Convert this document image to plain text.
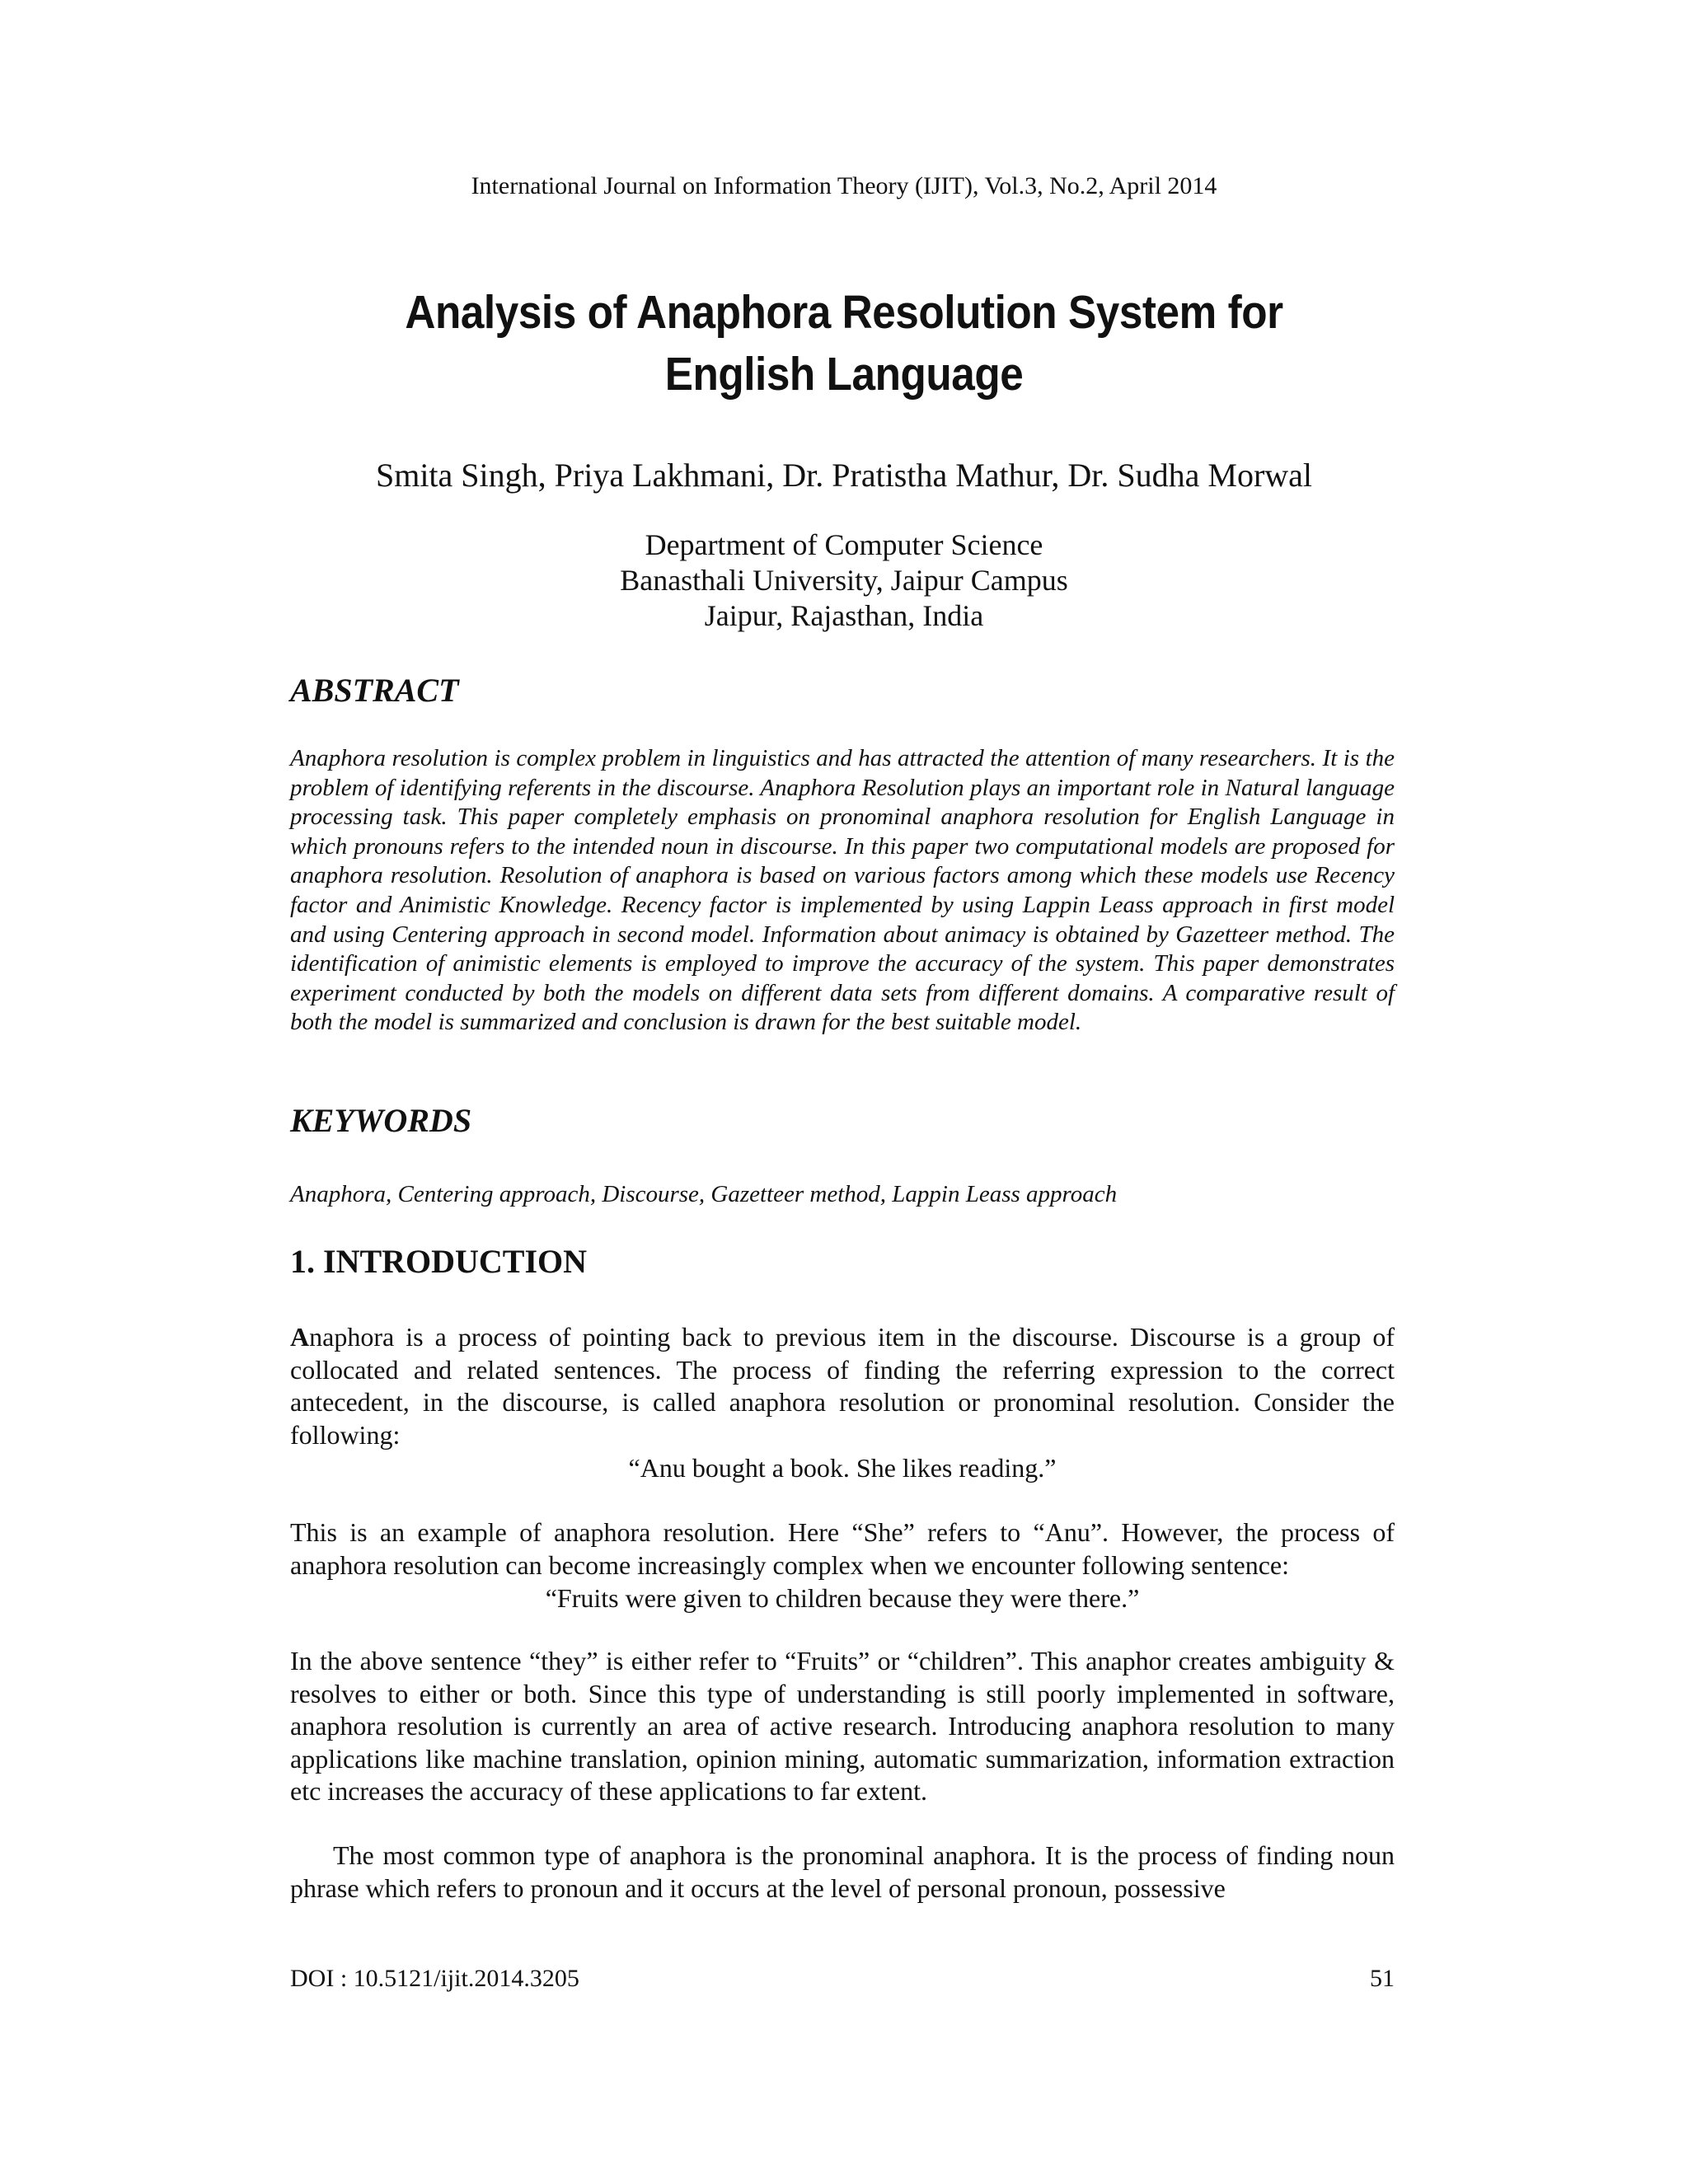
International Journal on Information Theory (IJIT), Vol.3, No.2, April 2014
Analysis of Anaphora Resolution System for
English Language
Smita Singh, Priya Lakhmani, Dr. Pratistha Mathur, Dr. Sudha Morwal
Department of Computer Science
Banasthali University, Jaipur Campus
Jaipur, Rajasthan, India
ABSTRACT
Anaphora resolution is complex problem in linguistics and has attracted the attention of many researchers. It is the problem of identifying referents in the discourse. Anaphora Resolution plays an important role in Natural language processing task. This paper completely emphasis on pronominal anaphora resolution for English Language in which pronouns refers to the intended noun in discourse. In this paper two computational models are proposed for anaphora resolution. Resolution of anaphora is based on various factors among which these models use Recency factor and Animistic Knowledge. Recency factor is implemented by using Lappin Leass approach in first model and using Centering approach in second model. Information about animacy is obtained by Gazetteer method. The identification of animistic elements is employed to improve the accuracy of the system. This paper demonstrates experiment conducted by both the models on different data sets from different domains. A comparative result of both the model is summarized and conclusion is drawn for the best suitable model.
KEYWORDS
Anaphora, Centering approach, Discourse, Gazetteer method, Lappin Leass approach
1. INTRODUCTION

Anaphora is a process of pointing back to previous item in the discourse. Discourse is a group of collocated and related sentences. The process of finding the referring expression to the correct antecedent, in the discourse, is called anaphora resolution or pronominal resolution. Consider the following:

“Anu bought a book. She likes reading.”

This is an example of anaphora resolution. Here “She” refers to “Anu”. However, the process of anaphora resolution can become increasingly complex when we encounter following sentence:

“Fruits were given to children because they were there.”

In the above sentence “they” is either refer to “Fruits” or “children”. This anaphor creates ambiguity & resolves to either or both. Since this type of understanding is still poorly implemented in software, anaphora resolution is currently an area of active research. Introducing anaphora resolution to many applications like machine translation, opinion mining, automatic summarization, information extraction etc increases the accuracy of these applications to far extent.

The most common type of anaphora is the pronominal anaphora. It is the process of finding noun phrase which refers to pronoun and it occurs at the level of personal pronoun, possessive

DOI : 10.5121/ijit.2014.3205	51
